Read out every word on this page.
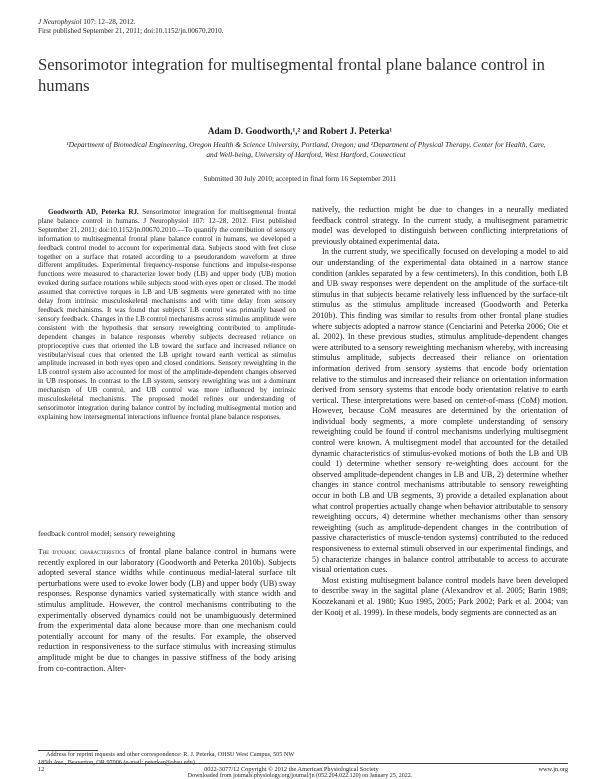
J Neurophysiol 107: 12–28, 2012.
First published September 21, 2011; doi:10.1152/jn.00670.2010.
Sensorimotor integration for multisegmental frontal plane balance control in humans
Adam D. Goodworth,¹,² and Robert J. Peterka¹
¹Department of Biomedical Engineering, Oregon Health & Science University, Portland, Oregon; and ²Department of Physical Therapy, Center for Health, Care, and Well-being, University of Hartford, West Hartford, Connecticut
Submitted 30 July 2010; accepted in final form 16 September 2011

Goodworth AD, Peterka RJ. Sensorimotor integration for multisegmental frontal plane balance control in humans. J Neurophysiol 107: 12–28, 2012. First published September 21, 2011; doi:10.1152/jn.00670.2010.—To quantify the contribution of sensory information to multisegmental frontal plane balance control in humans, we developed a feedback control model to account for experimental data. Subjects stood with feet close together on a surface that rotated according to a pseudorandom waveform at three different amplitudes. Experimental frequency-response functions and impulse-response functions were measured to characterize lower body (LB) and upper body (UB) motion evoked during surface rotations while subjects stood with eyes open or closed. The model assumed that corrective torques in LB and UB segments were generated with no time delay from intrinsic musculoskeletal mechanisms and with time delay from sensory feedback mechanisms. It was found that subjects' LB control was primarily based on sensory feedback. Changes in the LB control mechanisms across stimulus amplitude were consistent with the hypothesis that sensory reweighting contributed to amplitude-dependent changes in balance responses whereby subjects decreased reliance on proprioceptive cues that oriented the LB toward the surface and increased reliance on vestibular/visual cues that oriented the LB upright toward earth vertical as stimulus amplitude increased in both eyes open and closed conditions. Sensory reweighting in the LB control system also accounted for most of the amplitude-dependent changes observed in UB responses. In contrast to the LB system, sensory reweighting was not a dominant mechanism of UB control, and UB control was more influenced by intrinsic musculoskeletal mechanisms. The proposed model refines our understanding of sensorimotor integration during balance control by including multisegmental motion and explaining how intersegmental interactions influence frontal plane balance responses.

feedback control model; sensory reweighting
The dynamic characteristics of frontal plane balance control in humans were recently explored in our laboratory (Goodworth and Peterka 2010b). Subjects adopted several stance widths while continuous medial-lateral surface tilt perturbations were used to evoke lower body (LB) and upper body (UB) sway responses. Response dynamics varied systematically with stance width and stimulus amplitude. However, the control mechanisms contributing to the experimentally observed dynamics could not be unambiguously determined from the experimental data alone because more than one mechanism could potentially account for many of the results. For example, the observed reduction in responsiveness to the surface stimulus with increasing stimulus amplitude might be due to changes in passive stiffness of the body arising from co-contraction. Alter-

natively, the reduction might be due to changes in a neurally mediated feedback control strategy. In the current study, a multisegment parametric model was developed to distinguish between conflicting interpretations of previously obtained experimental data.

In the current study, we specifically focused on developing a model to aid our understanding of the experimental data obtained in a narrow stance condition (ankles separated by a few centimeters). In this condition, both LB and UB sway responses were dependent on the amplitude of the surface-tilt stimulus in that subjects became relatively less influenced by the surface-tilt stimulus as the stimulus amplitude increased (Goodworth and Peterka 2010b). This finding was similar to results from other frontal plane studies where subjects adopted a narrow stance (Cenciarini and Peterka 2006; Oie et al. 2002). In these previous studies, stimulus amplitude-dependent changes were attributed to a sensory reweighting mechanism whereby, with increasing stimulus amplitude, subjects decreased their reliance on orientation information derived from sensory systems that encode body orientation relative to the stimulus and increased their reliance on orientation information derived from sensory systems that encode body orientation relative to earth vertical. These interpretations were based on center-of-mass (CoM) motion. However, because CoM measures are determined by the orientation of individual body segments, a more complete understanding of sensory reweighting could be found if control mechanisms underlying multisegment control were known. A multisegment model that accounted for the detailed dynamic characteristics of stimulus-evoked motions of both the LB and UB could 1) determine whether sensory re-weighting does account for the observed amplitude-dependent changes in LB and UB, 2) determine whether changes in stance control mechanisms attributable to sensory reweighting occur in both LB and UB segments, 3) provide a detailed explanation about what control properties actually change when behavior attributable to sensory reweighting occurs, 4) determine whether mechanisms other than sensory reweighting (such as amplitude-dependent changes in the contribution of passive characteristics of muscle-tendon systems) contributed to the reduced responsiveness to external stimuli observed in our experimental findings, and 5) characterize changes in balance control attributable to access to accurate visual orientation cues.

Most existing multisegment balance control models have been developed to describe sway in the sagittal plane (Alexandrov et al. 2005; Barin 1989; Koozekanani et al. 1980; Kuo 1995, 2005; Park 2002; Park et al. 2004; van der Kooij et al. 1999). In these models, body segments are connected as an

Address for reprint requests and other correspondence: R. J. Peterka, OHSU West Campus, 505 NW 185th Ave., Beaverton, OR 97006 (e-mail: peterkar@ohsu.edu).
12	0022-3077/12 Copyright © 2012 the American Physiological Society	www.jn.org
Downloaded from journals.physiology.org/journal/jn (052.204.022.120) on January 25, 2022.
